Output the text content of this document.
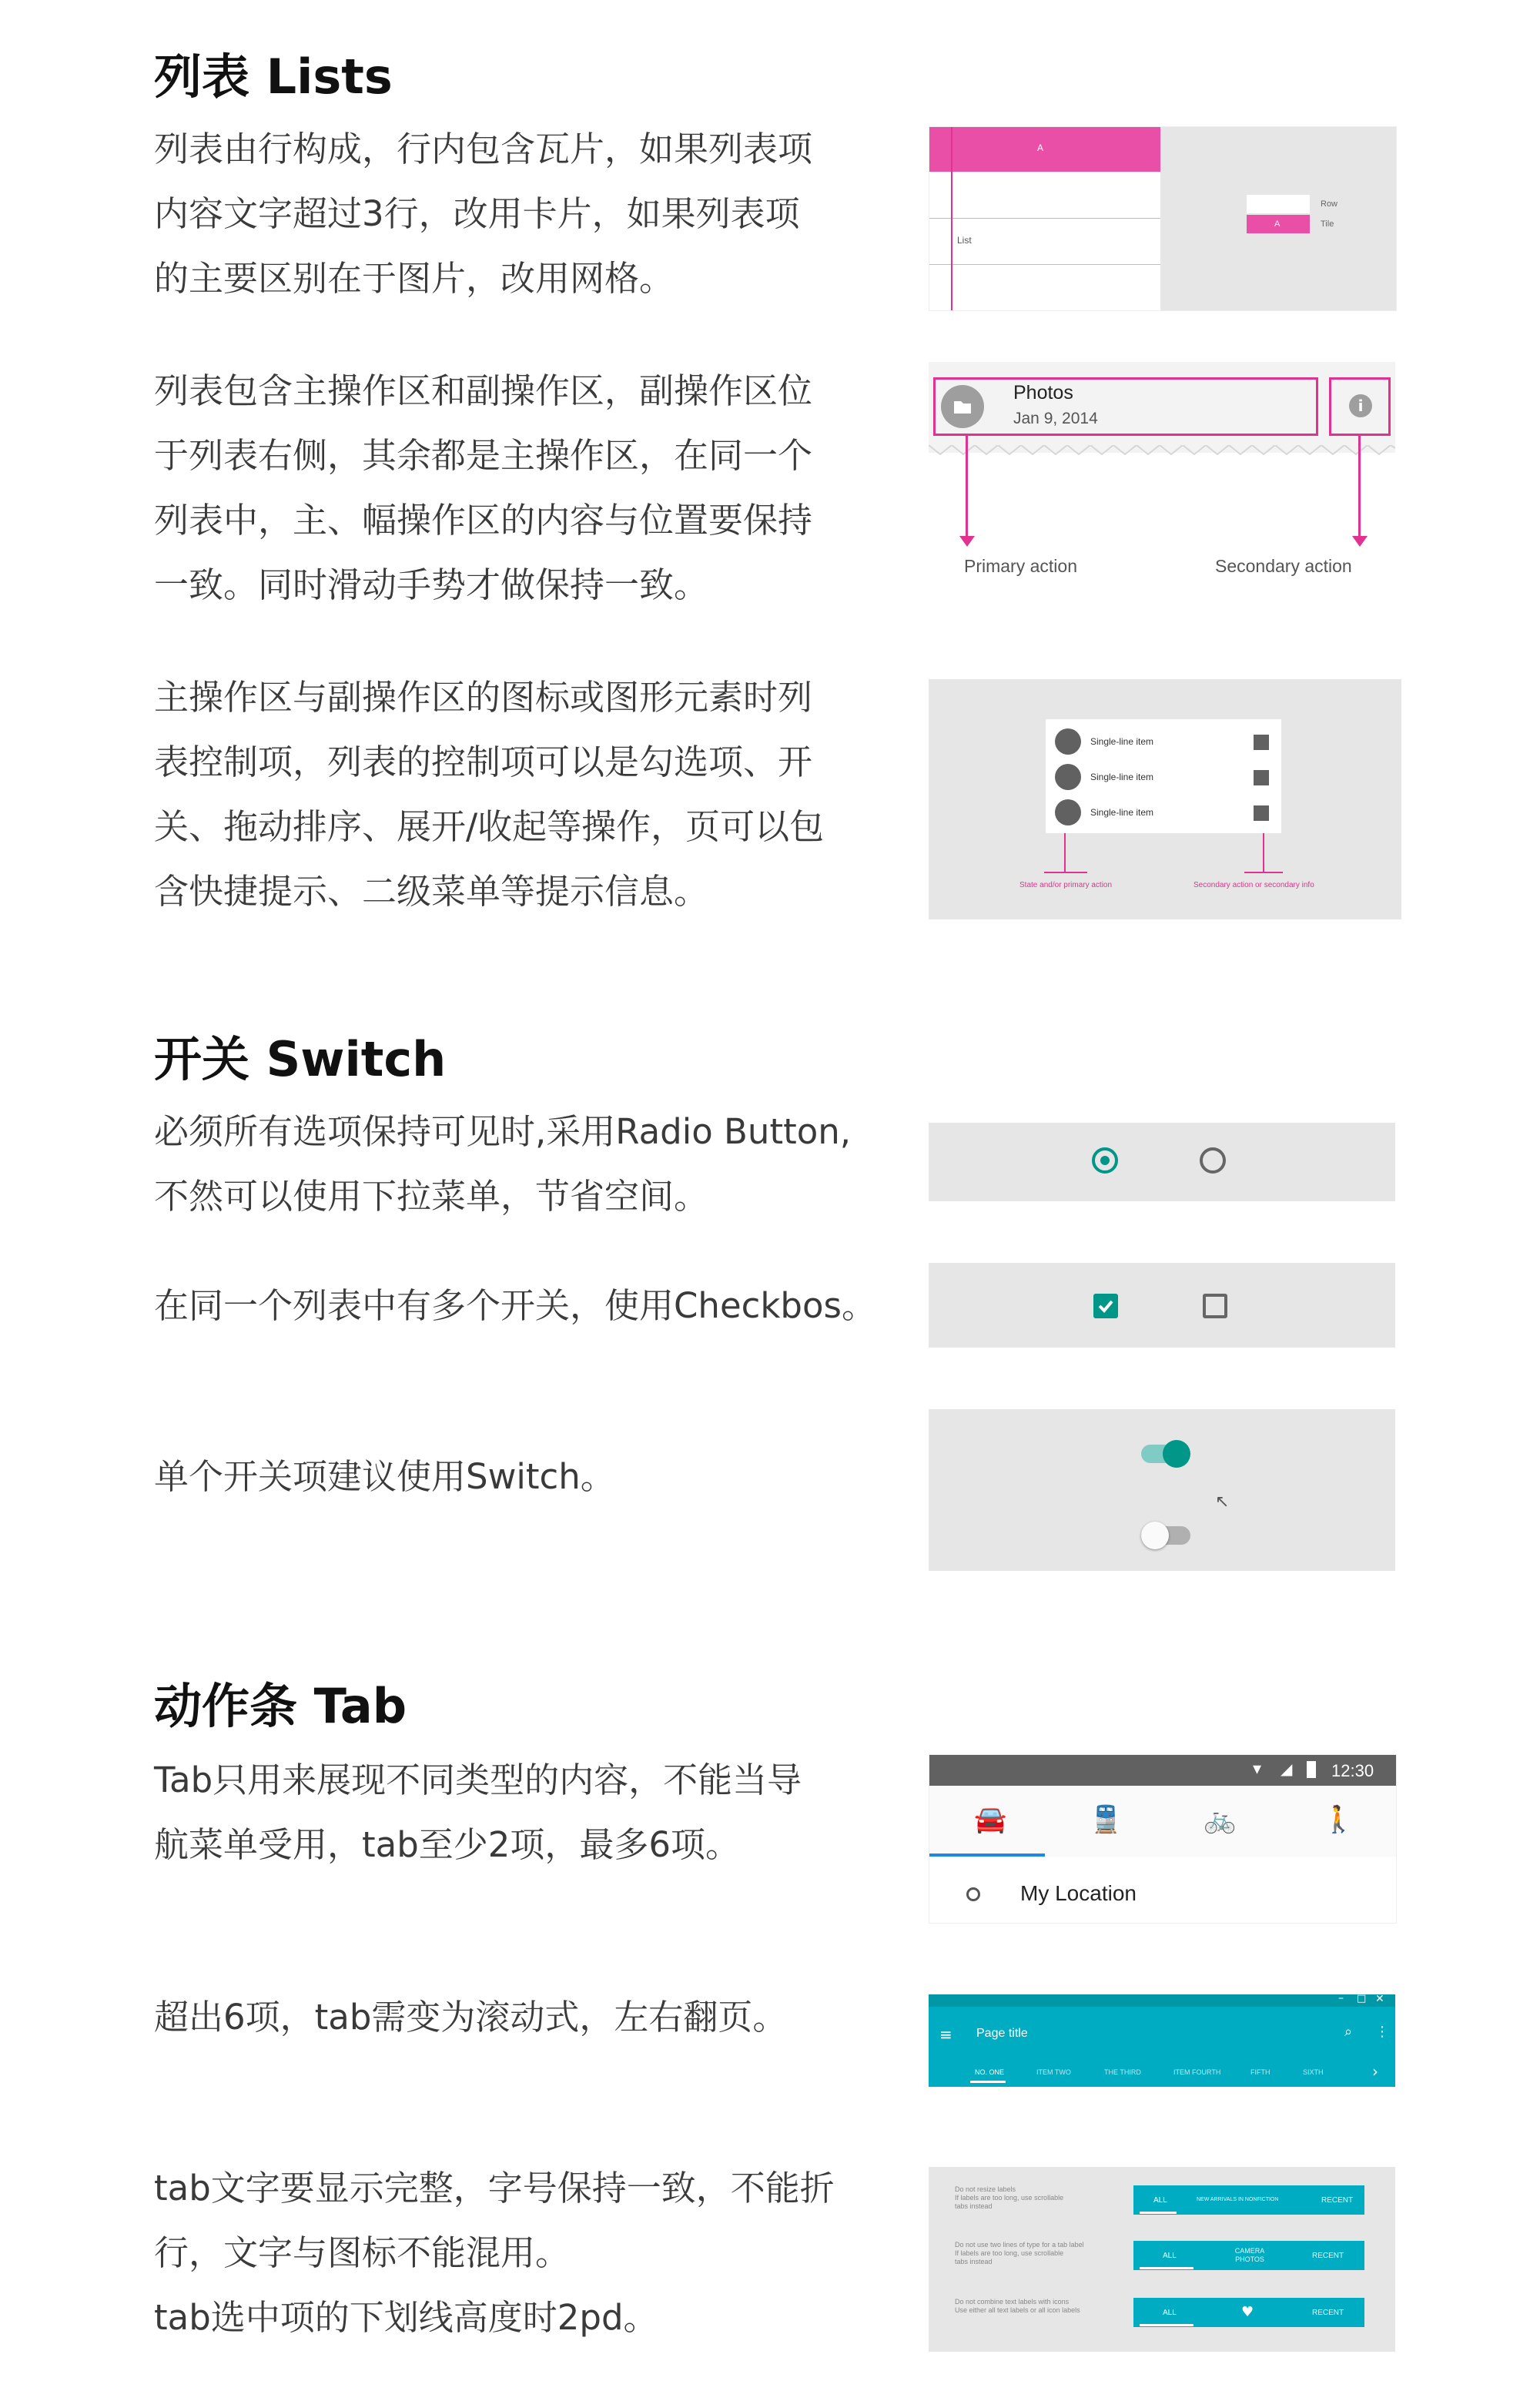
列表 Lists
列表由行构成，行内包含瓦片，如果列表项
内容文字超过3行，改用卡片，如果列表项
的主要区别在于图片，改用网格。
列表包含主操作区和副操作区，副操作区位
于列表右侧，其余都是主操作区，在同一个
列表中，主、幅操作区的内容与位置要保持
一致。同时滑动手势才做保持一致。
主操作区与副操作区的图标或图形元素时列
表控制项，列表的控制项可以是勾选项、开
关、拖动排序、展开/收起等操作，页可以包
含快捷提示、二级菜单等提示信息。
A
List
A
Row
Tile
Photos
Jan 9, 2014
i
Primary action	Secondary action
Single-line item
Single-line item
Single-line item
State and/or primary action	Secondary action or secondary info
开关 Switch
必须所有选项保持可见时,采用Radio Button,
不然可以使用下拉菜单，节省空间。
在同一个列表中有多个开关，使用Checkbos。
单个开关项建议使用Switch。
↖
动作条 Tab
Tab只用来展现不同类型的内容，不能当导
航菜单受用，tab至少2项，最多6项。
超出6项，tab需变为滚动式，左右翻页。
tab文字要显示完整，字号保持一致，不能折
行，文字与图标不能混用。
tab选中项的下划线高度时2pd。
▾ ◢ 12:30
🚘	🚆	🚲	🚶
My Location
– □ ✕
≡ Page title	⌕ ⋮
NO. ONE	ITEM TWO	THE THIRD	ITEM FOURTH	FIFTH	SIXTH	›
Do not resize labels
If labels are too long, use scrollable
tabs instead
ALL	NEW ARRIVALS IN NONFICTION	RECENT
Do not use two lines of type for a tab label
If labels are too long, use scrollable
tabs instead
ALL
CAMERA PHOTOS	RECENT
Do not combine text labels with icons
Use either all text labels or all icon labels	ALL	♥	RECENT
